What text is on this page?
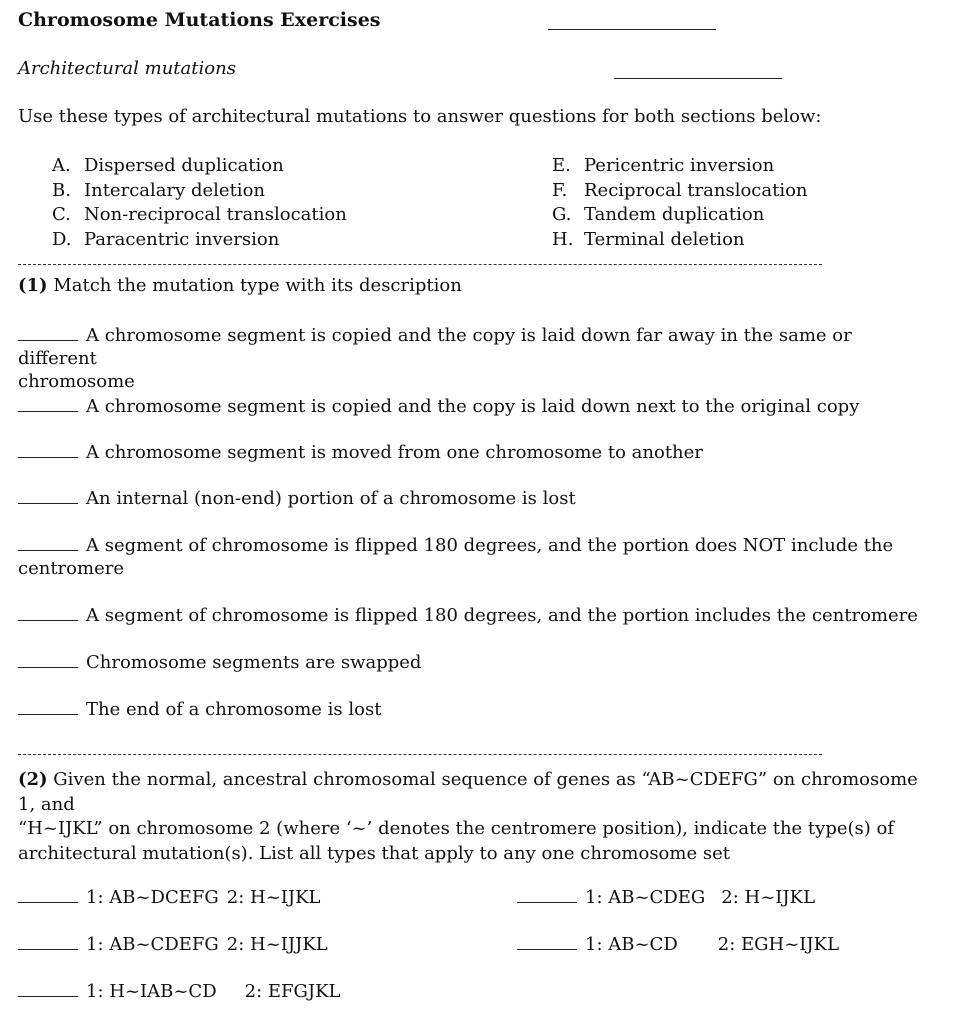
Chromosome Mutations Exercises
Architectural mutations
Use these types of architectural mutations to answer questions for both sections below:
A. Dispersed duplication
B. Intercalary deletion
C. Non-reciprocal translocation
D. Paracentric inversion
E. Pericentric inversion
F. Reciprocal translocation
G. Tandem duplication
H. Terminal deletion
(1) Match the mutation type with its description
A chromosome segment is copied and the copy is laid down far away in the same or different
chromosome
A chromosome segment is copied and the copy is laid down next to the original copy
A chromosome segment is moved from one chromosome to another
An internal (non-end) portion of a chromosome is lost
A segment of chromosome is flipped 180 degrees, and the portion does NOT include the
centromere
A segment of chromosome is flipped 180 degrees, and the portion includes the centromere
Chromosome segments are swapped
The end of a chromosome is lost
(2) Given the normal, ancestral chromosomal sequence of genes as “AB~CDEFG” on chromosome 1, and
“H~IJKL” on chromosome 2 (where ‘~’ denotes the centromere position), indicate the type(s) of
architectural mutation(s). List all types that apply to any one chromosome set
1: AB~DCEFG 2: H~IJKL	1: AB~CDEG 2: H~IJKL
1: AB~CDEFG 2: H~IJJKL	1: AB~CD 2: EGH~IJKL
1: H~IAB~CD 2: EFGJKL
